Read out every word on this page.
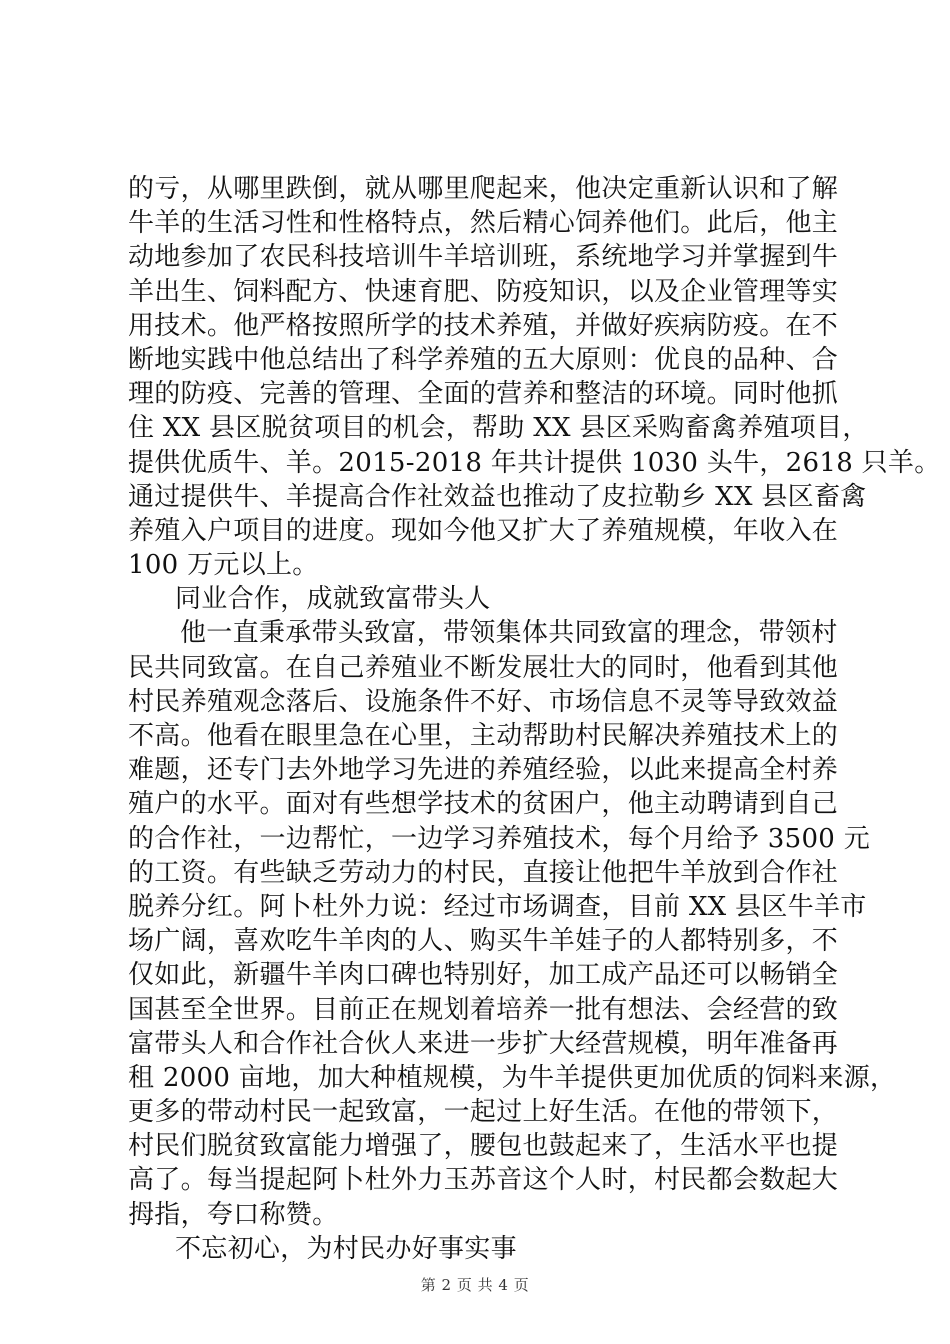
的亏，从哪里跌倒，就从哪里爬起来，他决定重新认识和了解
牛羊的生活习性和性格特点，然后精心饲养他们。此后，他主
动地参加了农民科技培训牛羊培训班，系统地学习并掌握到牛
羊出生、饲料配方、快速育肥、防疫知识，以及企业管理等实
用技术。他严格按照所学的技术养殖，并做好疾病防疫。在不
断地实践中他总结出了科学养殖的五大原则：优良的品种、合
理的防疫、完善的管理、全面的营养和整洁的环境。同时他抓
住 XX 县区脱贫项目的机会，帮助 XX 县区采购畜禽养殖项目，
提供优质牛、羊。2015-2018 年共计提供 1030 头牛，2618 只羊。
通过提供牛、羊提高合作社效益也推动了皮拉勒乡 XX 县区畜禽
养殖入户项目的进度。现如今他又扩大了养殖规模，年收入在
100 万元以上。
同业合作，成就致富带头人
他一直秉承带头致富，带领集体共同致富的理念，带领村
民共同致富。在自己养殖业不断发展壮大的同时，他看到其他
村民养殖观念落后、设施条件不好、市场信息不灵等导致效益
不高。他看在眼里急在心里，主动帮助村民解决养殖技术上的
难题，还专门去外地学习先进的养殖经验，以此来提高全村养
殖户的水平。面对有些想学技术的贫困户，他主动聘请到自己
的合作社，一边帮忙，一边学习养殖技术，每个月给予 3500 元
的工资。有些缺乏劳动力的村民，直接让他把牛羊放到合作社
脱养分红。阿卜杜外力说：经过市场调查，目前 XX 县区牛羊市
场广阔，喜欢吃牛羊肉的人、购买牛羊娃子的人都特别多，不
仅如此，新疆牛羊肉口碑也特别好，加工成产品还可以畅销全
国甚至全世界。目前正在规划着培养一批有想法、会经营的致
富带头人和合作社合伙人来进一步扩大经营规模，明年准备再
租 2000 亩地，加大种植规模，为牛羊提供更加优质的饲料来源，
更多的带动村民一起致富，一起过上好生活。在他的带领下，
村民们脱贫致富能力增强了，腰包也鼓起来了，生活水平也提
高了。每当提起阿卜杜外力玉苏音这个人时，村民都会数起大
拇指，夸口称赞。
不忘初心，为村民办好事实事
第 2 页 共 4 页
